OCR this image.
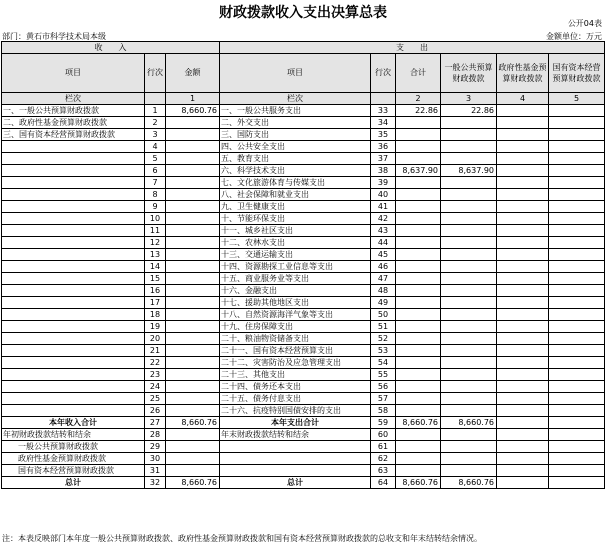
财政拨款收入支出决算总表
公开04表
部门：黄石市科学技术局本级	金额单位：万元
收　　入			支　　出					
项目	行次	金额	项目	行次	合计	一般公共预算财政拨款	政府性基金预算财政拨款	国有资本经营预算财政拨款
栏次		1	栏次		2	3	4	5
一、一般公共预算财政拨款	1	8,660.76	一、一般公共服务支出	33	22.86	22.86		
二、政府性基金预算财政拨款	2		二、外交支出	34				
三、国有资本经营预算财政拨款	3		三、国防支出	35				
	4		四、公共安全支出	36				
	5		五、教育支出	37				
	6		六、科学技术支出	38	8,637.90	8,637.90		
	7		七、文化旅游体育与传媒支出	39				
	8		八、社会保障和就业支出	40				
	9		九、卫生健康支出	41				
	10		十、节能环保支出	42				
	11		十一、城乡社区支出	43				
	12		十二、农林水支出	44				
	13		十三、交通运输支出	45				
	14		十四、资源勘探工业信息等支出	46				
	15		十五、商业服务业等支出	47				
	16		十六、金融支出	48				
	17		十七、援助其他地区支出	49				
	18		十八、自然资源海洋气象等支出	50				
	19		十九、住房保障支出	51				
	20		二十、粮油物资储备支出	52				
	21		二十一、国有资本经营预算支出	53				
	22		二十二、灾害防治及应急管理支出	54				
	23		二十三、其他支出	55				
	24		二十四、债务还本支出	56				
	25		二十五、债务付息支出	57				
	26		二十六、抗疫特别国债安排的支出	58				
本年收入合计	27	8,660.76	本年支出合计	59	8,660.76	8,660.76		
年初财政拨款结转和结余	28		年末财政拨款结转和结余	60				
一般公共预算财政拨款	29			61				
政府性基金预算财政拨款	30			62				
国有资本经营预算财政拨款	31			63				
总计	32	8,660.76	总计	64	8,660.76	8,660.76		
注：本表反映部门本年度一般公共预算财政拨款、政府性基金预算财政拨款和国有资本经营预算财政拨款的总收支和年末结转结余情况。
